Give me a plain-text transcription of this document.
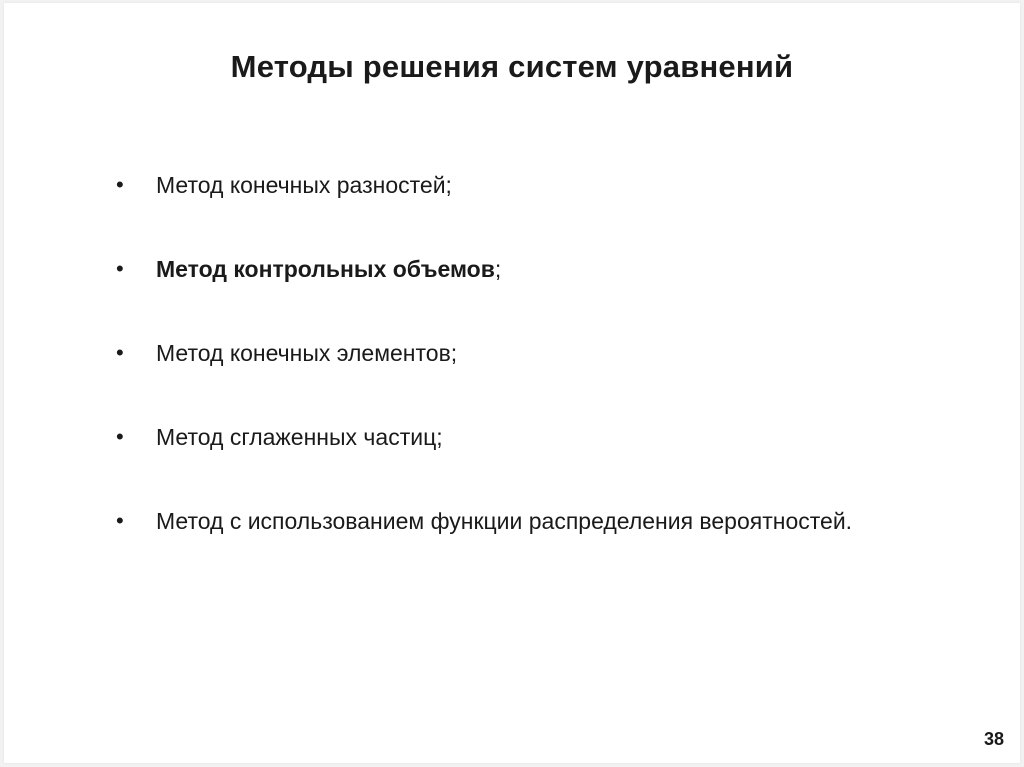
Методы решения систем уравнений
•	Метод конечных разностей;
•	Метод контрольных объемов;
•	Метод конечных элементов;
•	Метод сглаженных частиц;
•	Метод с использованием функции распределения вероятностей.
38
